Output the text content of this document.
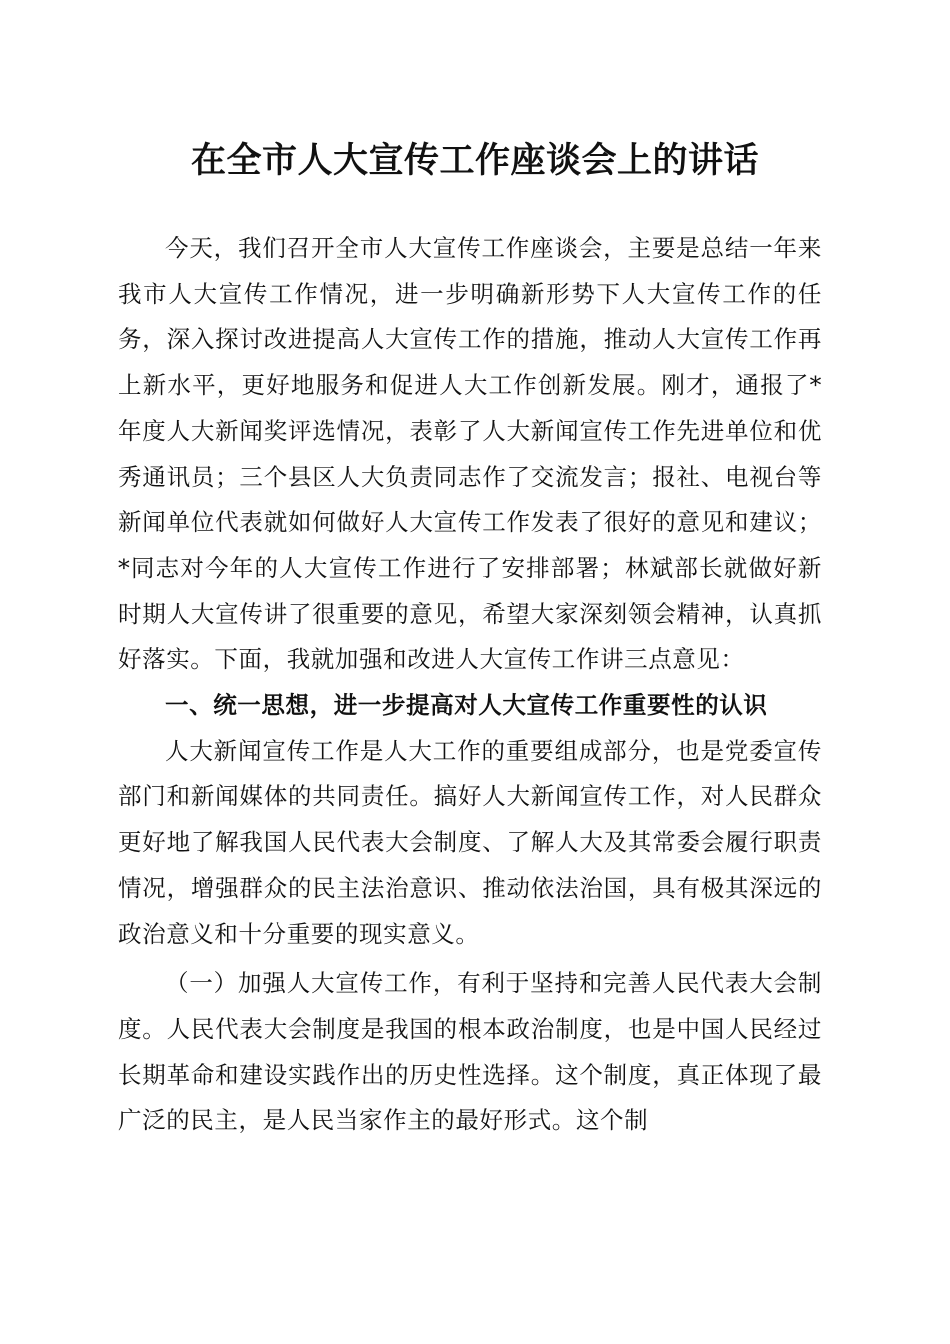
在全市人大宣传工作座谈会上的讲话

今天，我们召开全市人大宣传工作座谈会，主要是总结一年来我市人大宣传工作情况，进一步明确新形势下人大宣传工作的任务，深入探讨改进提高人大宣传工作的措施，推动人大宣传工作再上新水平，更好地服务和促进人大工作创新发展。刚才，通报了*年度人大新闻奖评选情况，表彰了人大新闻宣传工作先进单位和优秀通讯员；三个县区人大负责同志作了交流发言；报社、电视台等新闻单位代表就如何做好人大宣传工作发表了很好的意见和建议；*同志对今年的人大宣传工作进行了安排部署；林斌部长就做好新时期人大宣传讲了很重要的意见，希望大家深刻领会精神，认真抓好落实。下面，我就加强和改进人大宣传工作讲三点意见：

一、统一思想，进一步提高对人大宣传工作重要性的认识

人大新闻宣传工作是人大工作的重要组成部分，也是党委宣传部门和新闻媒体的共同责任。搞好人大新闻宣传工作，对人民群众更好地了解我国人民代表大会制度、了解人大及其常委会履行职责情况，增强群众的民主法治意识、推动依法治国，具有极其深远的政治意义和十分重要的现实意义。

（一）加强人大宣传工作，有利于坚持和完善人民代表大会制度。人民代表大会制度是我国的根本政治制度，也是中国人民经过长期革命和建设实践作出的历史性选择。这个制度，真正体现了最广泛的民主，是人民当家作主的最好形式。这个制
